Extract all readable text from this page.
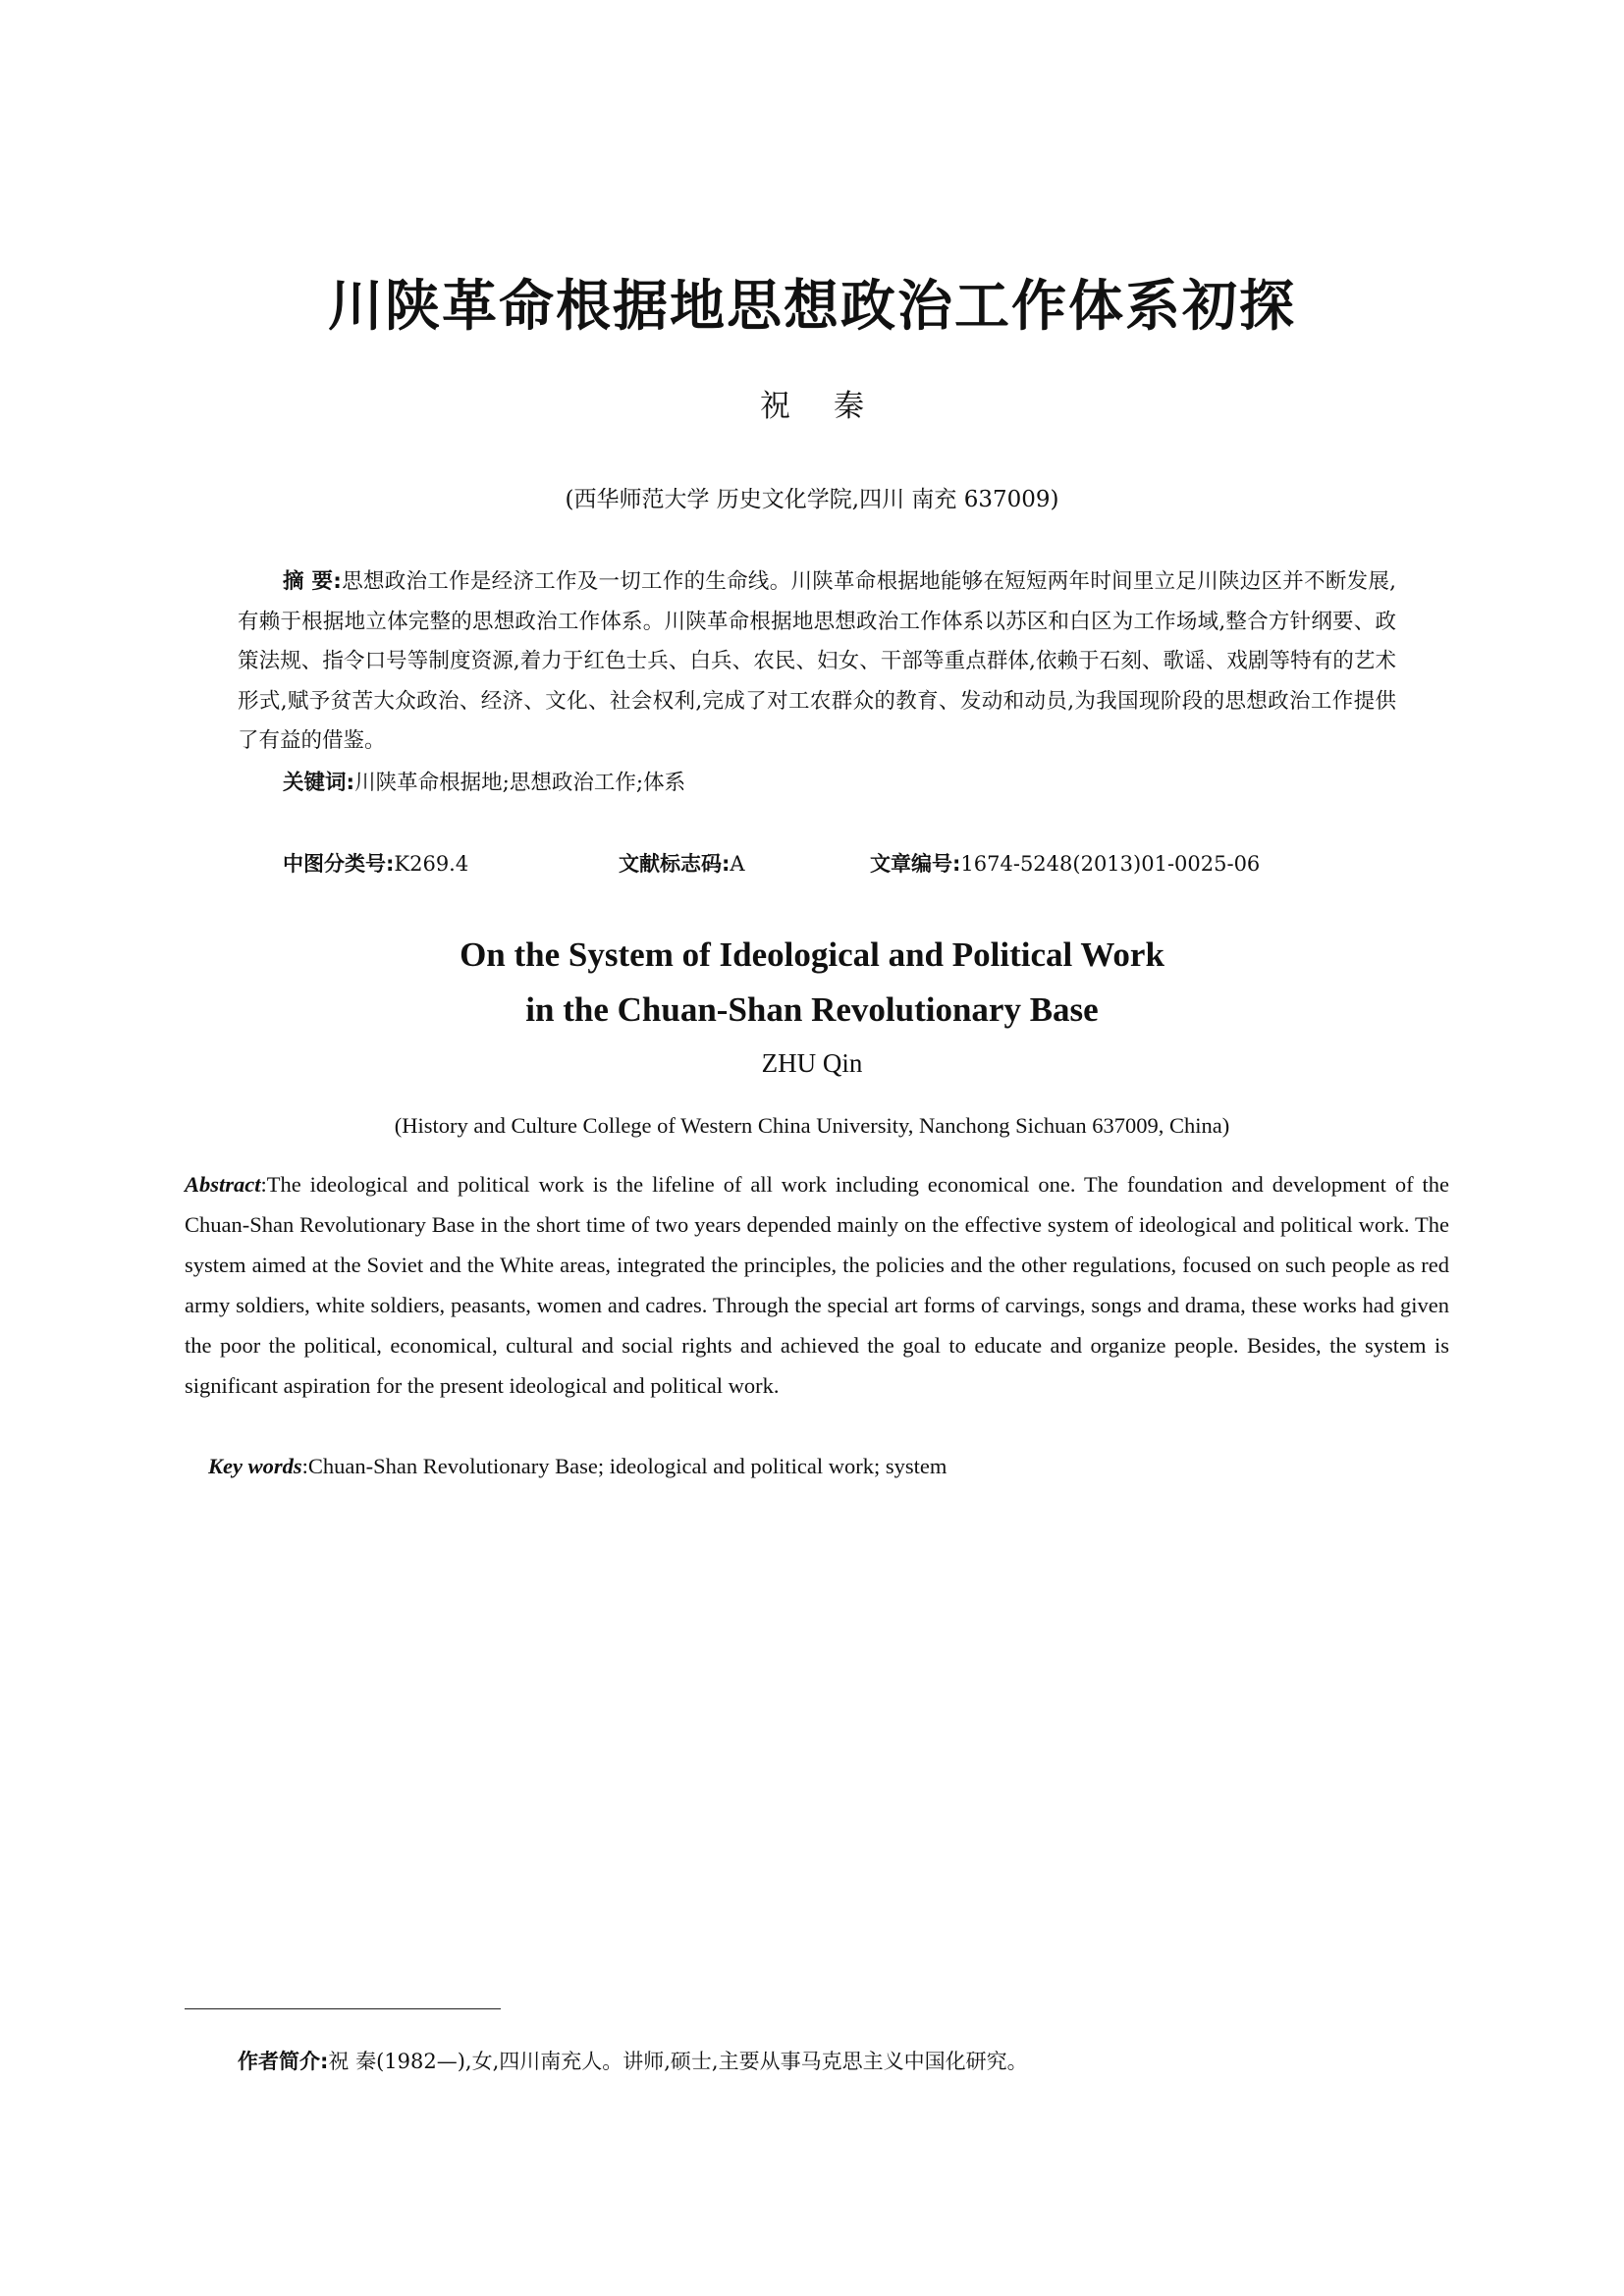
川陕革命根据地思想政治工作体系初探
祝秦
(西华师范大学 历史文化学院,四川 南充 637009)
摘 要:思想政治工作是经济工作及一切工作的生命线。川陕革命根据地能够在短短两年时间里立足川陕边区并不断发展,有赖于根据地立体完整的思想政治工作体系。川陕革命根据地思想政治工作体系以苏区和白区为工作场域,整合方针纲要、政策法规、指令口号等制度资源,着力于红色士兵、白兵、农民、妇女、干部等重点群体,依赖于石刻、歌谣、戏剧等特有的艺术形式,赋予贫苦大众政治、经济、文化、社会权利,完成了对工农群众的教育、发动和动员,为我国现阶段的思想政治工作提供了有益的借鉴。
关键词:川陕革命根据地;思想政治工作;体系
中图分类号:K269.4	文献标志码:A	文章编号:1674-5248(2013)01-0025-06
On the System of Ideological and Political Work
in the Chuan-Shan Revolutionary Base
ZHU Qin
(History and Culture College of Western China University, Nanchong Sichuan 637009, China)
Abstract:The ideological and political work is the lifeline of all work including economical one. The foundation and development of the Chuan-Shan Revolutionary Base in the short time of two years depended mainly on the effective system of ideological and political work. The system aimed at the Soviet and the White areas, integrated the principles, the policies and the other regulations, focused on such people as red army soldiers, white soldiers, peasants, women and cadres. Through the special art forms of carvings, songs and drama, these works had given the poor the political, economical, cultural and social rights and achieved the goal to educate and organize people. Besides, the system is significant aspiration for the present ideological and political work.
Key words:Chuan-Shan Revolutionary Base; ideological and political work; system
作者简介:祝 秦(1982—),女,四川南充人。讲师,硕士,主要从事马克思主义中国化研究。
